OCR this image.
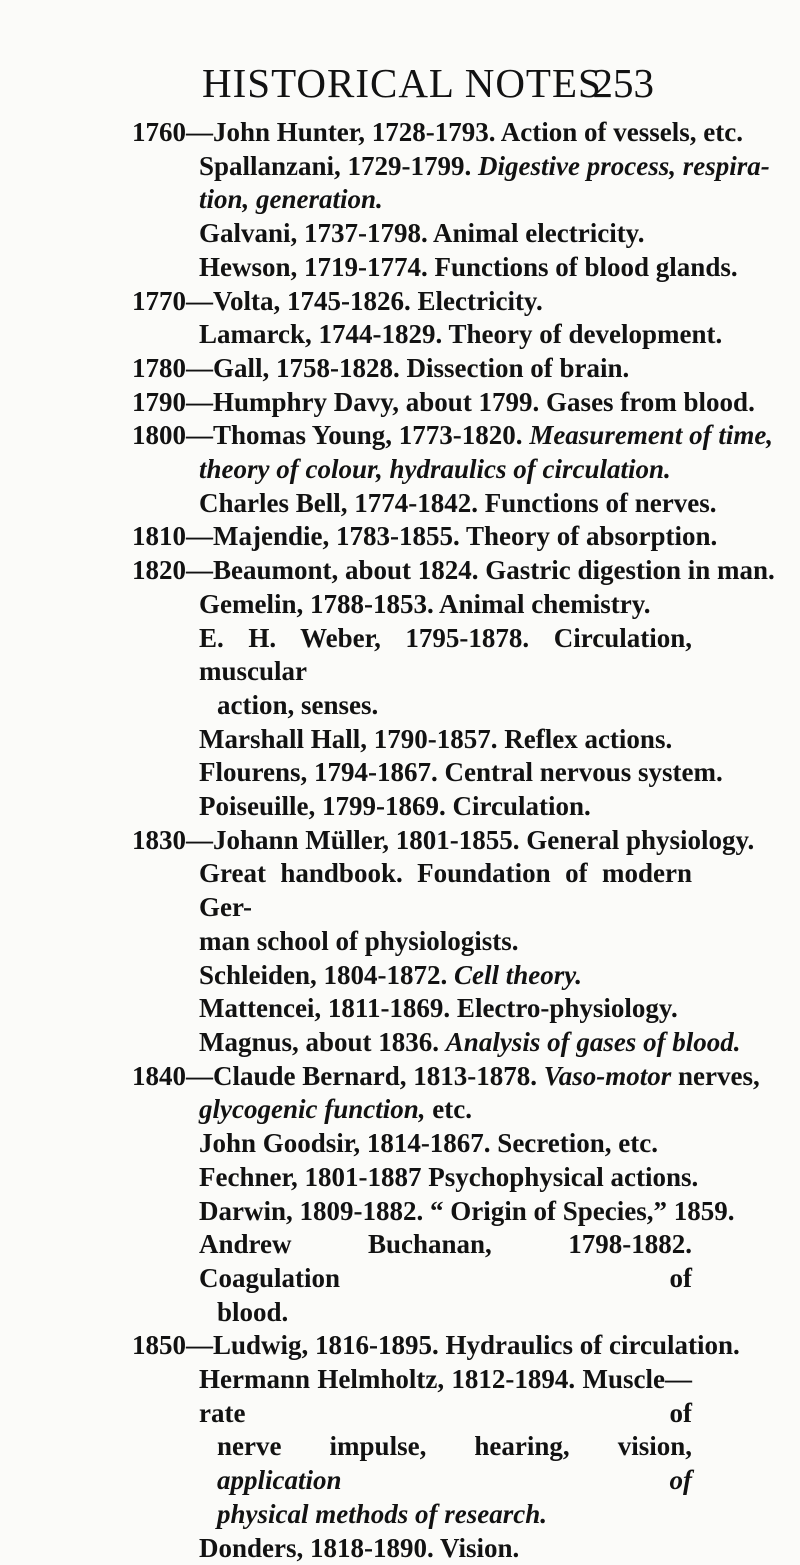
HISTORICAL NOTES
253
1760—John Hunter, 1728-1793. Action of vessels, etc.
Spallanzani, 1729-1799. Digestive process, respira-
tion, generation.
Galvani, 1737-1798. Animal electricity.
Hewson, 1719-1774. Functions of blood glands.
1770—Volta, 1745-1826. Electricity.
Lamarck, 1744-1829. Theory of development.
1780—Gall, 1758-1828. Dissection of brain.
1790—Humphry Davy, about 1799. Gases from blood.
1800—Thomas Young, 1773-1820. Measurement of time,
theory of colour, hydraulics of circulation.
Charles Bell, 1774-1842. Functions of nerves.
1810—Majendie, 1783-1855. Theory of absorption.
1820—Beaumont, about 1824. Gastric digestion in man.
Gemelin, 1788-1853. Animal chemistry.
E. H. Weber, 1795-1878. Circulation, muscular
action, senses.
Marshall Hall, 1790-1857. Reflex actions.
Flourens, 1794-1867. Central nervous system.
Poiseuille, 1799-1869. Circulation.
1830—Johann Müller, 1801-1855. General physiology.
Great handbook. Foundation of modern Ger-
man school of physiologists.
Schleiden, 1804-1872. Cell theory.
Mattencei, 1811-1869. Electro-physiology.
Magnus, about 1836. Analysis of gases of blood.
1840—Claude Bernard, 1813-1878. Vaso-motor nerves,
glycogenic function, etc.
John Goodsir, 1814-1867. Secretion, etc.
Fechner, 1801-1887 Psychophysical actions.
Darwin, 1809-1882. “ Origin of Species,” 1859.
Andrew Buchanan, 1798-1882. Coagulation of
blood.
1850—Ludwig, 1816-1895. Hydraulics of circulation.
Hermann Helmholtz, 1812-1894. Muscle—rate of
nerve impulse, hearing, vision, application of
physical methods of research.
Donders, 1818-1890. Vision.
